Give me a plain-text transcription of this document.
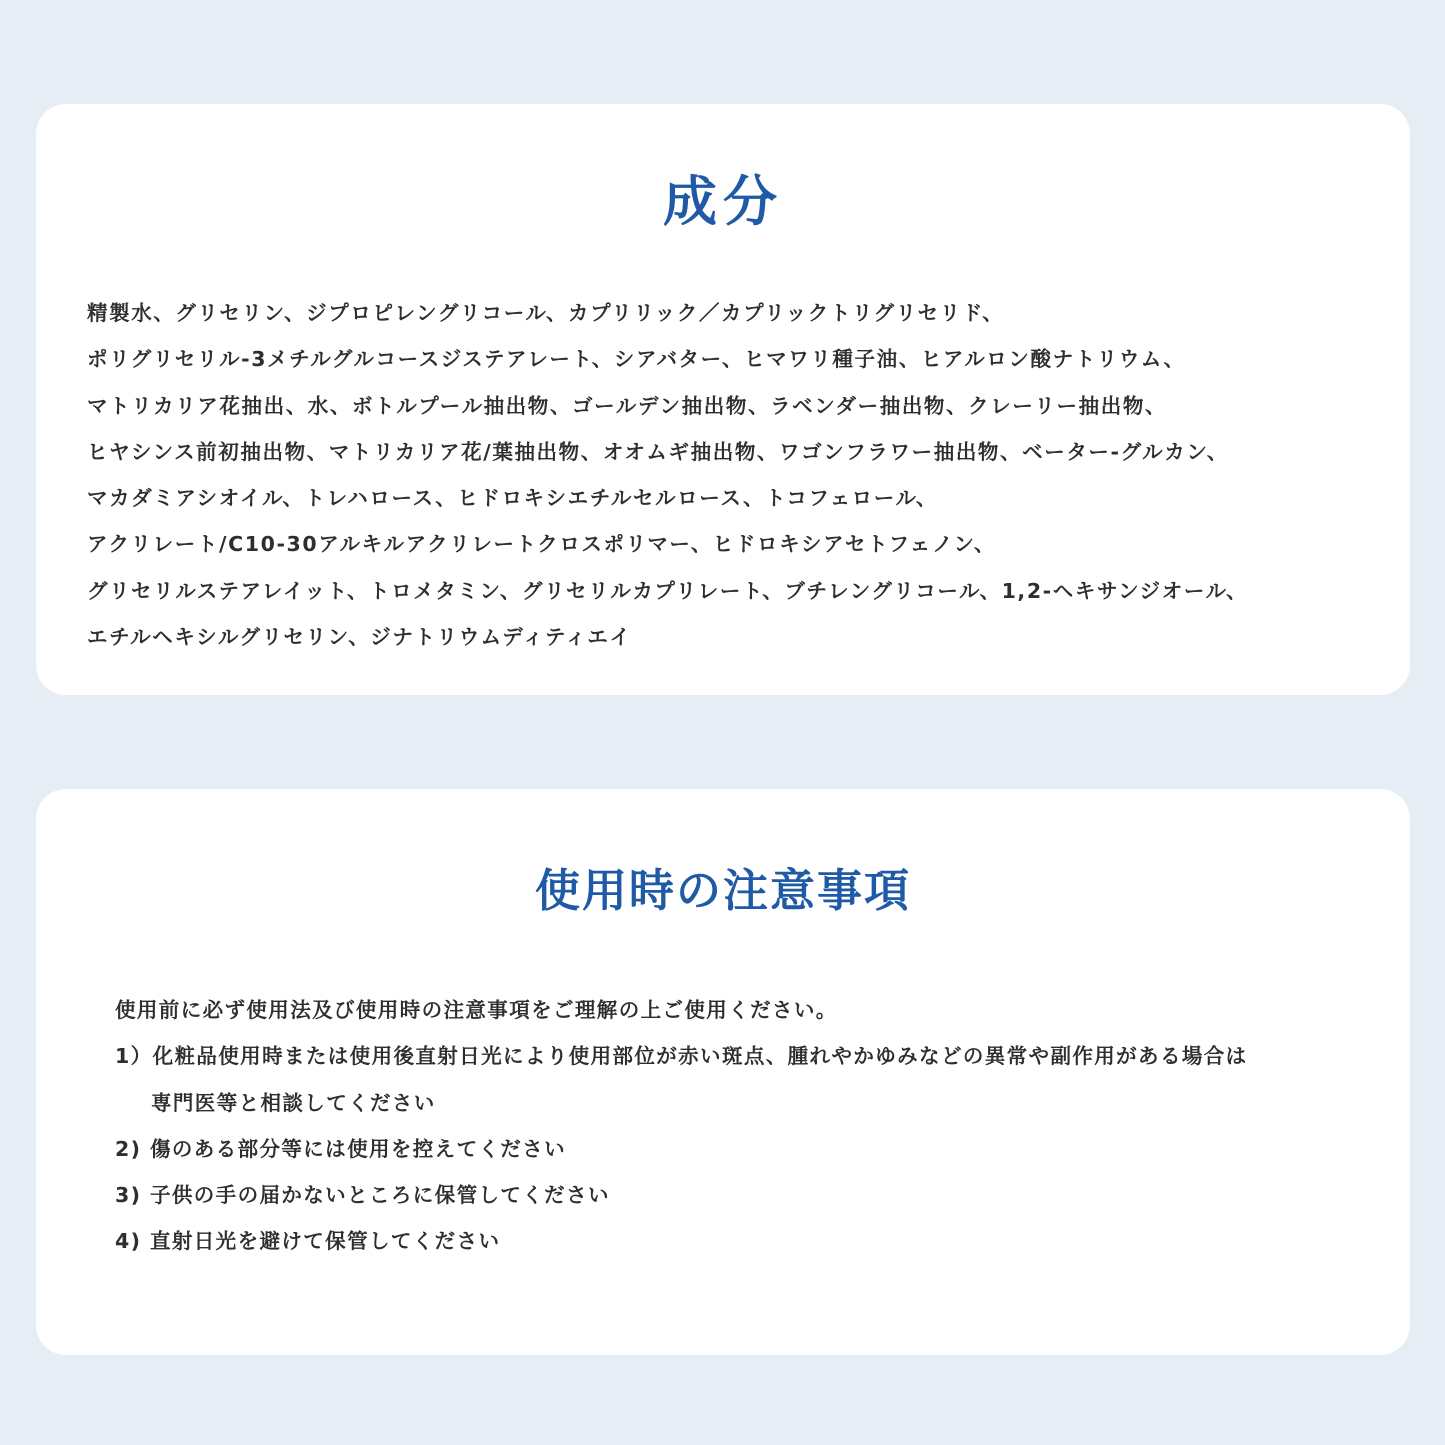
成分
精製水、グリセリン、ジプロピレングリコール、カプリリック／カプリックトリグリセリド、
ポリグリセリル-3メチルグルコースジステアレート、シアバター、ヒマワリ種子油、ヒアルロン酸ナトリウム、
マトリカリア花抽出、水、ボトルプール抽出物、ゴールデン抽出物、ラベンダー抽出物、クレーリー抽出物、
ヒヤシンス前初抽出物、マトリカリア花/葉抽出物、オオムギ抽出物、ワゴンフラワー抽出物、ベーター-グルカン、
マカダミアシオイル、トレハロース、ヒドロキシエチルセルロース、トコフェロール、
アクリレート/C10-30アルキルアクリレートクロスポリマー、ヒドロキシアセトフェノン、
グリセリルステアレイット、トロメタミン、グリセリルカプリレート、ブチレングリコール、1,2-ヘキサンジオール、
エチルヘキシルグリセリン、ジナトリウムディティエイ
使用時の注意事項
使用前に必ず使用法及び使用時の注意事項をご理解の上ご使用ください。
1）化粧品使用時または使用後直射日光により使用部位が赤い斑点、腫れやかゆみなどの異常や副作用がある場合は
専門医等と相談してください
2) 傷のある部分等には使用を控えてください
3) 子供の手の届かないところに保管してください
4) 直射日光を避けて保管してください
